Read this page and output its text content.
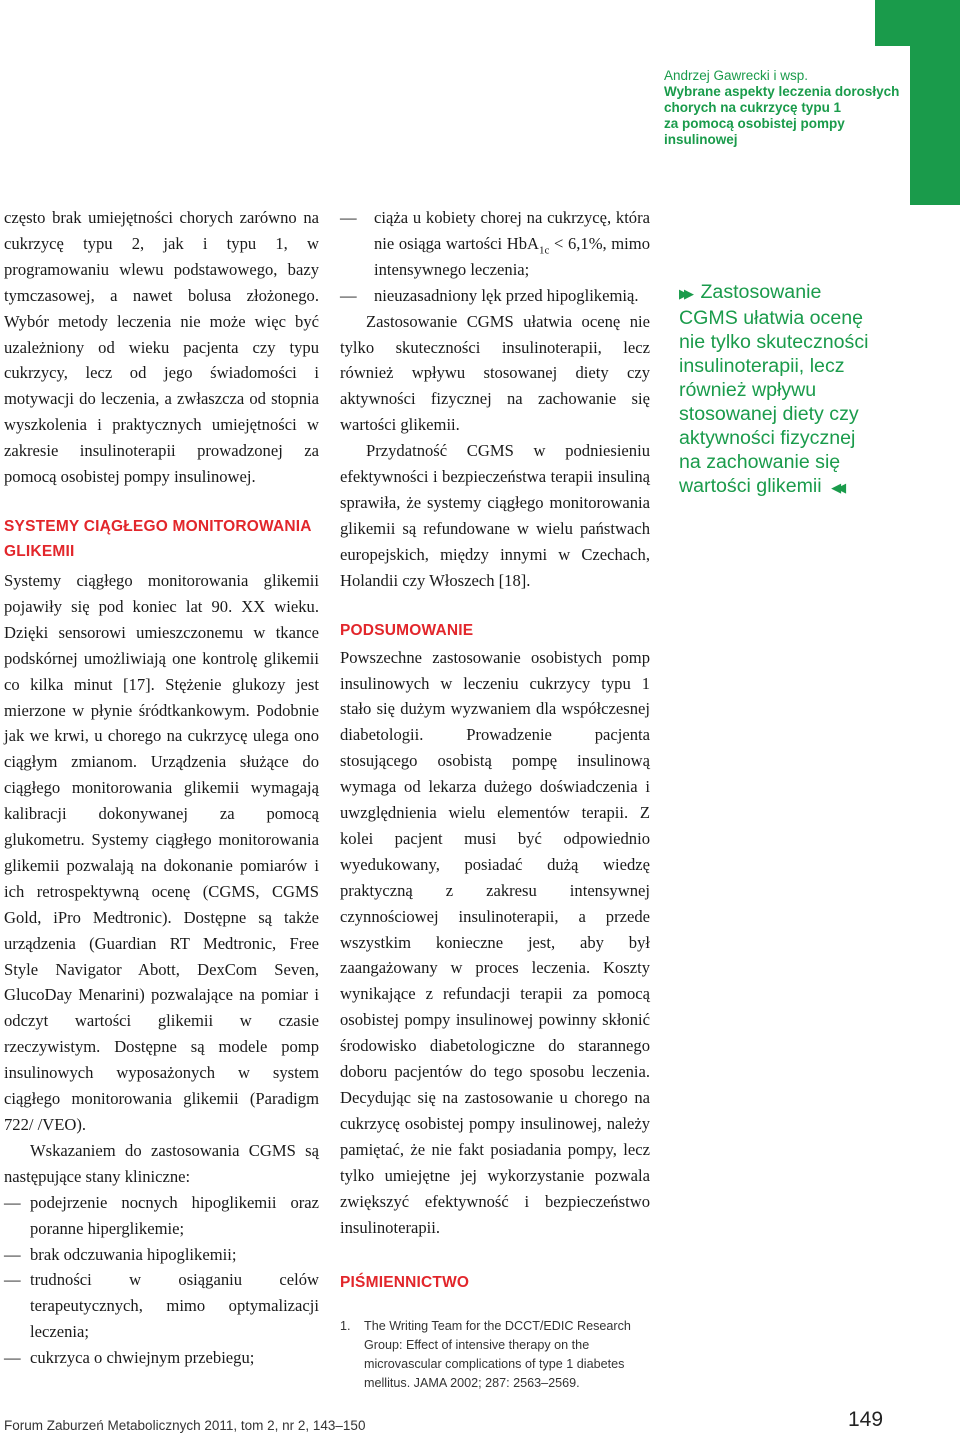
Andrzej Gawrecki i wsp.
Wybrane aspekty leczenia dorosłych
chorych na cukrzycę typu 1
za pomocą osobistej pompy insulinowej

często brak umiejętności chorych zarówno na cukrzycę typu 2, jak i typu 1, w programowaniu wlewu podstawowego, bazy tymczasowej, a nawet bolusa złożonego. Wybór metody leczenia nie może więc być uzależniony od wieku pacjenta czy typu cukrzycy, lecz od jego świadomości i motywacji do leczenia, a zwłaszcza od stopnia wyszkolenia i praktycznych umiejętności w zakresie insulinoterapii prowadzonej za pomocą osobistej pompy insulinowej.

SYSTEMY CIĄGŁEGO MONITOROWANIA
GLIKEMII

Systemy ciągłego monitorowania glikemii pojawiły się pod koniec lat 90. XX wieku. Dzięki sensorowi umieszczonemu w tkance podskórnej umożliwiają one kontrolę glikemii co kilka minut [17]. Stężenie glukozy jest mierzone w płynie śródtkankowym. Podobnie jak we krwi, u chorego na cukrzycę ulega ono ciągłym zmianom. Urządzenia służące do ciągłego monitorowania glikemii wymagają kalibracji dokonywanej za pomocą glukometru. Systemy ciągłego monitorowania glikemii pozwalają na dokonanie pomiarów i ich retrospektywną ocenę (CGMS, CGMS Gold, iPro Medtronic). Dostępne są także urządzenia (Guardian RT Medtronic, Free Style Navigator Abott, DexCom Seven, GlucoDay Menarini) pozwalające na pomiar i odczyt wartości glikemii w czasie rzeczywistym. Dostępne są modele pomp insulinowych wyposażonych w system ciągłego monitorowania glikemii (Paradigm 722/ /VEO).

Wskazaniem do zastosowania CGMS są następujące stany kliniczne:

— podejrzenie nocnych hipoglikemii oraz poranne hiperglikemie;
— brak odczuwania hipoglikemii;
— trudności w osiąganiu celów terapeutycznych, mimo optymalizacji leczenia;
— cukrzyca o chwiejnym przebiegu;
— ciąża u kobiety chorej na cukrzycę, która nie osiąga wartości HbA$_{1c}$ < 6,1%, mimo intensywnego leczenia;
— nieuzasadniony lęk przed hipoglikemią.

Zastosowanie CGMS ułatwia ocenę nie tylko skuteczności insulinoterapii, lecz również wpływu stosowanej diety czy aktywności fizycznej na zachowanie się wartości glikemii.

Przydatność CGMS w podniesieniu efektywności i bezpieczeństwa terapii insuliną sprawiła, że systemy ciągłego monitorowania glikemii są refundowane w wielu państwach europejskich, między innymi w Czechach, Holandii czy Włoszech [18].

PODSUMOWANIE

Powszechne zastosowanie osobistych pomp insulinowych w leczeniu cukrzycy typu 1 stało się dużym wyzwaniem dla współczesnej diabetologii. Prowadzenie pacjenta stosującego osobistą pompę insulinową wymaga od lekarza dużego doświadczenia i uwzględnienia wielu elementów terapii. Z kolei pacjent musi być odpowiednio wyedukowany, posiadać dużą wiedzę praktyczną z zakresu intensywnej czynnościowej insulinoterapii, a przede wszystkim konieczne jest, aby był zaangażowany w proces leczenia. Koszty wynikające z refundacji terapii za pomocą osobistej pompy insulinowej powinny skłonić środowisko diabetologiczne do starannego doboru pacjentów do tego sposobu leczenia. Decydując się na zastosowanie u chorego na cukrzycę osobistej pompy insulinowej, należy pamiętać, że nie fakt posiadania pompy, lecz tylko umiejętne jej wykorzystanie pozwala zwiększyć efektywność i bezpieczeństwo insulinoterapii.

PIŚMIENNICTWO
1. The Writing Team for the DCCT/EDIC Research Group: Effect of intensive therapy on the microvascular complications of type 1 diabetes mellitus. JAMA 2002; 287: 2563–2569.
▶▶ Zastosowanie CGMS ułatwia ocenę nie tylko skuteczności insulinoterapii, lecz również wpływu stosowanej diety czy aktywności fizycznej na zachowanie się wartości glikemii ◀◀
Forum Zaburzeń Metabolicznych 2011, tom 2, nr 2, 143–150	149
